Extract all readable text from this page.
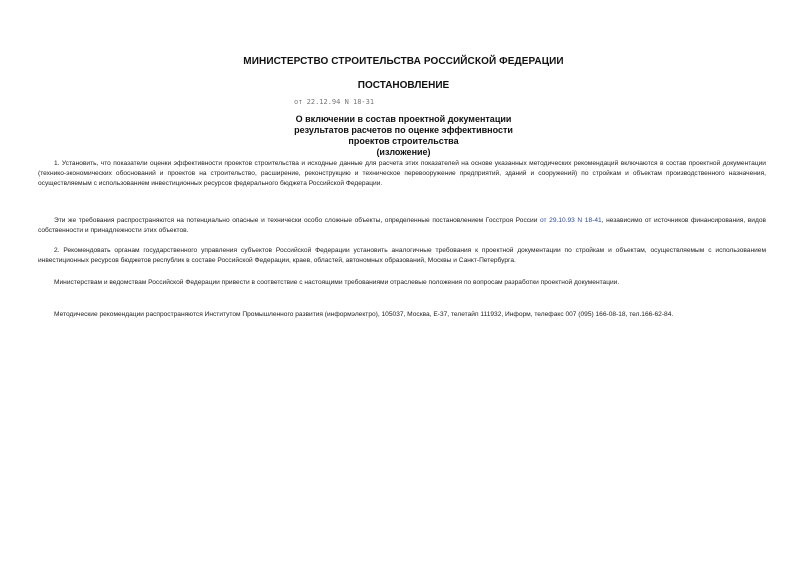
МИНИСТЕРСТВО СТРОИТЕЛЬСТВА РОССИЙСКОЙ ФЕДЕРАЦИИ
ПОСТАНОВЛЕНИЕ
от 22.12.94 N 18-31
О включении в состав проектной документации
результатов расчетов по оценке эффективности
проектов строительства
(изложение)

1. Установить, что показатели оценки эффективности проектов строительства и исходные данные для расчета этих показателей на основе указанных методических рекомендаций включаются в состав проектной документации (технико-экономических обоснований и проектов на строительство, расширение, реконструкцию и техническое перевооружение предприятий, зданий и сооружений) по стройкам и объектам производственного назначения, осуществляемым с использованием инвестиционных ресурсов федерального бюджета Российской Федерации.

Эти же требования распространяются на потенциально опасные и технически особо сложные объекты, определенные постановлением Госстроя России от 29.10.93 N 18-41, независимо от источников финансирования, видов собственности и принадлежности этих объектов.

2. Рекомендовать органам государственного управления субъектов Российской Федерации установить аналогичные требования к проектной документации по стройкам и объектам, осуществляемым с использованием инвестиционных ресурсов бюджетов республик в составе Российской Федерации, краев, областей, автономных образований, Москвы и Санкт-Петербурга.

Министерствам и ведомствам Российской Федерации привести в соответствие с настоящими требованиями отраслевые положения по вопросам разработки проектной документации.

Методические рекомендации распространяются Институтом Промышленного развития (информэлектро), 105037, Москва, Е-37, телетайп 111932, Информ, телефакс 007 (095) 166-08-18, тел.166-62-84.
